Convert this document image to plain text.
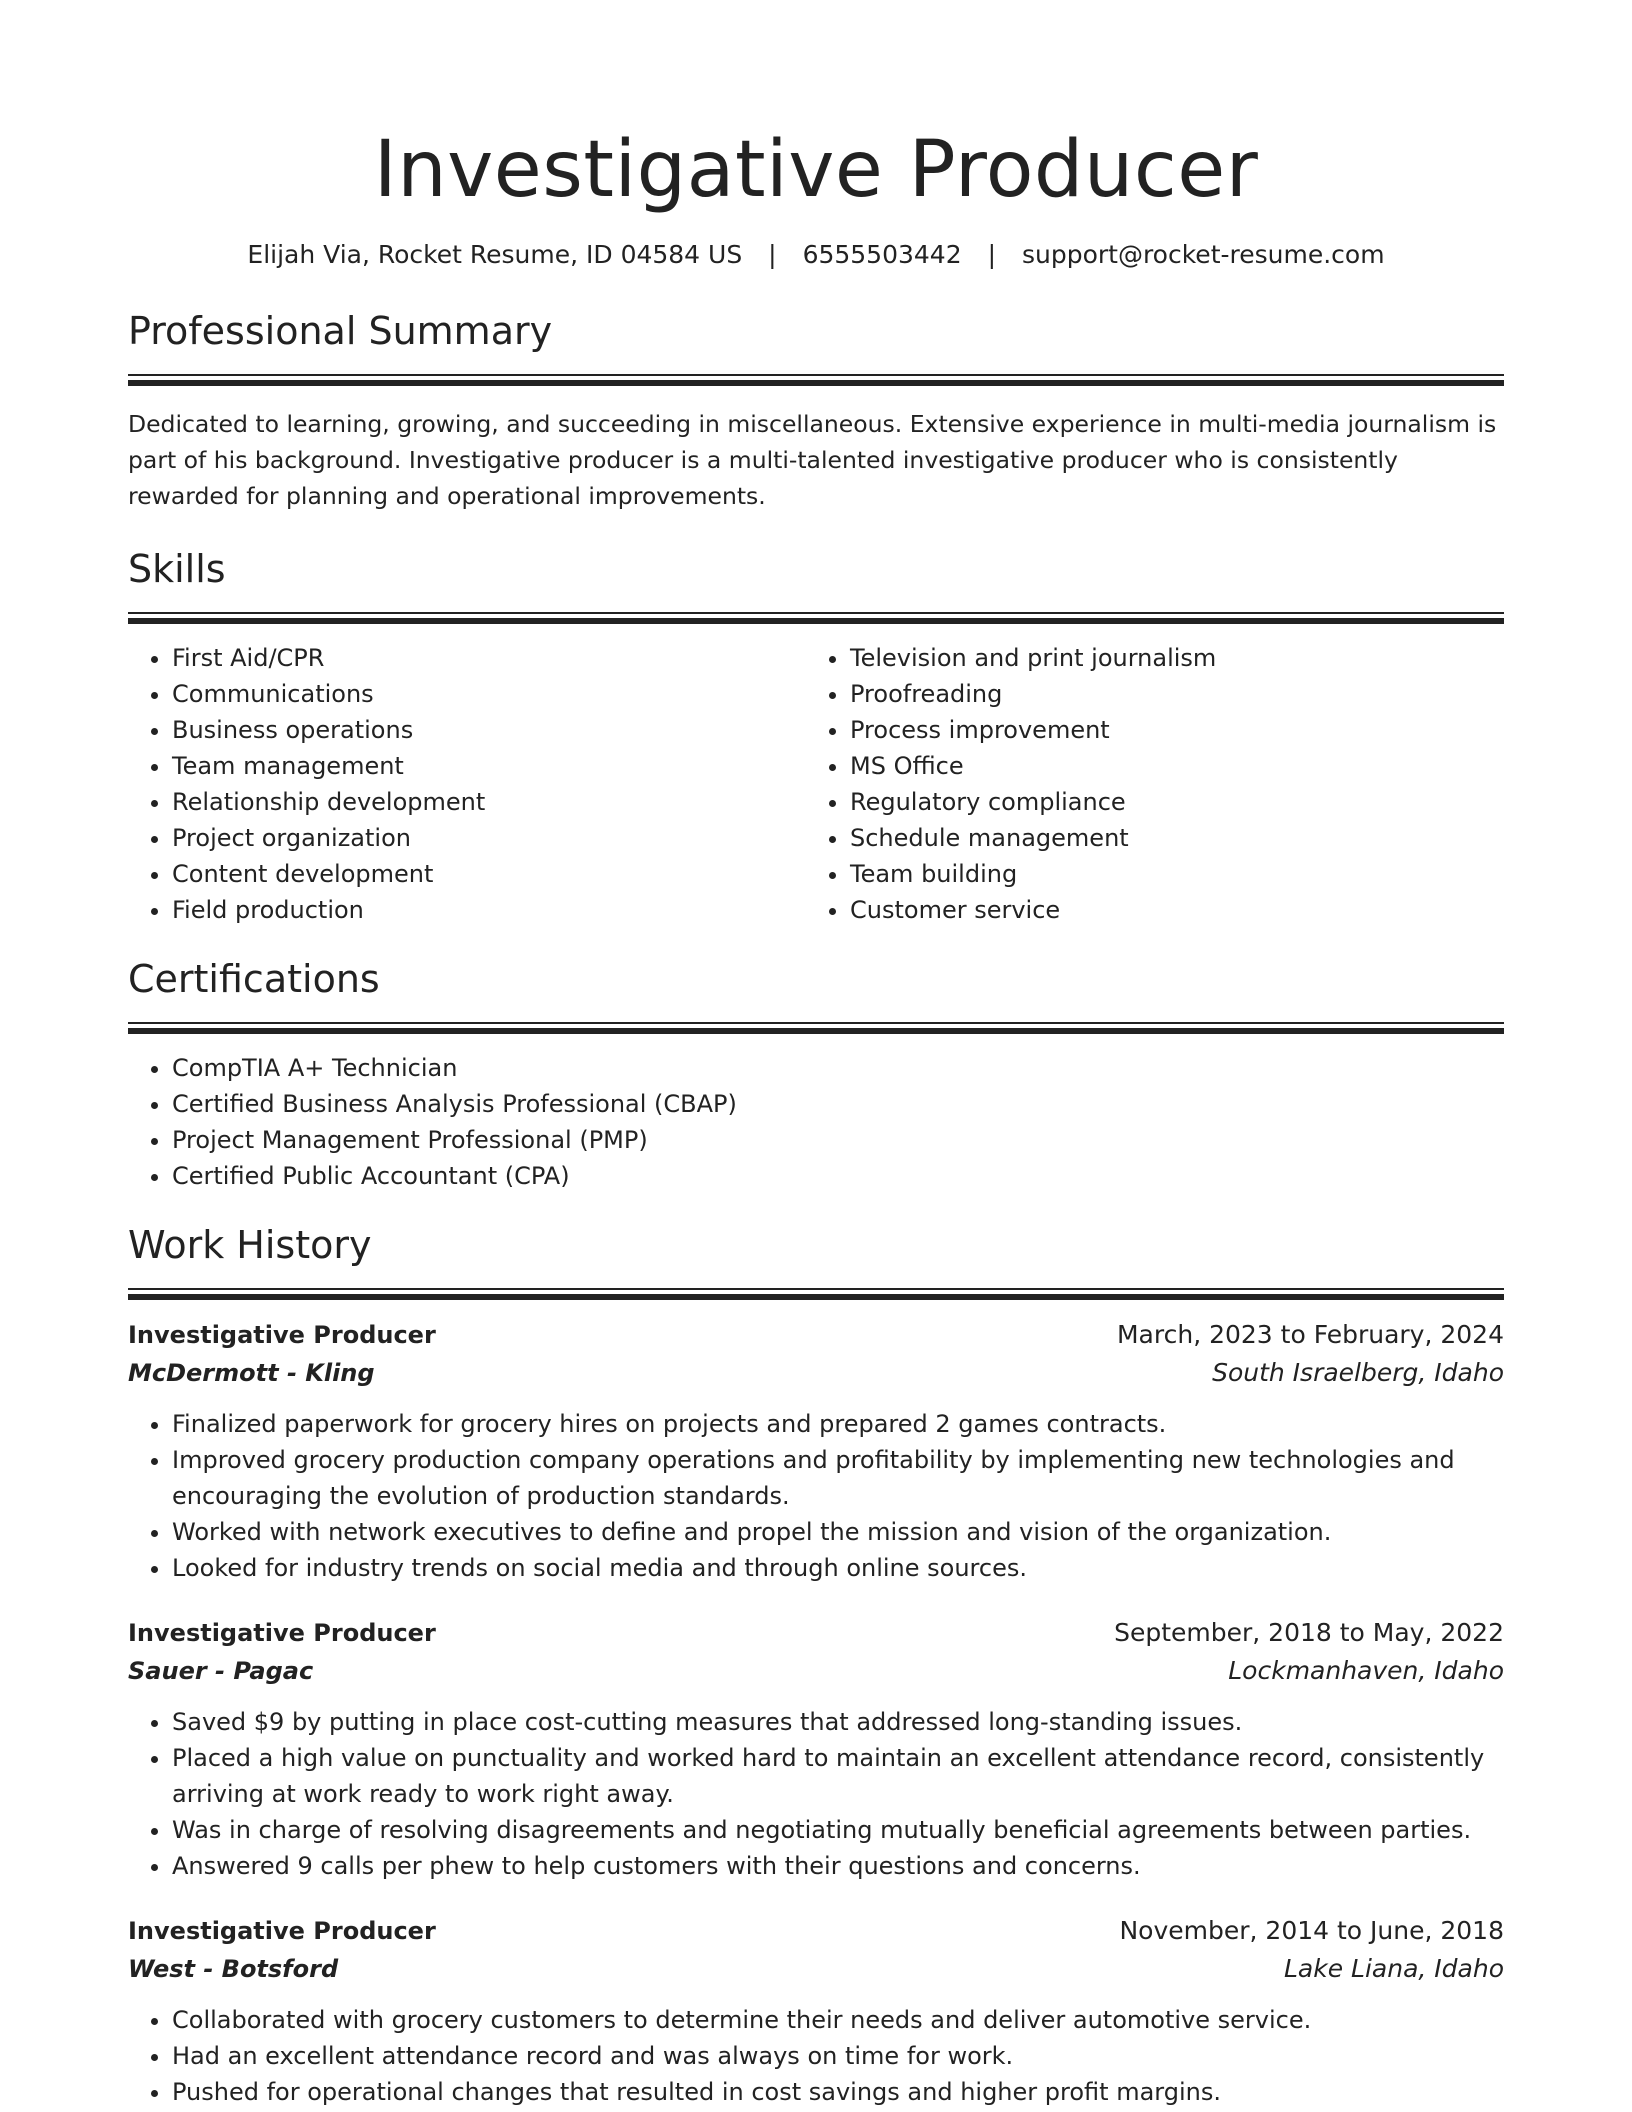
Investigative Producer
Elijah Via, Rocket Resume, ID 04584 US | 6555503442 | support@rocket-resume.com
Professional Summary

Dedicated to learning, growing, and succeeding in miscellaneous. Extensive experience in multi-media journalism is part of his background. Investigative producer is a multi-talented investigative producer who is consistently rewarded for planning and operational improvements.

Skills
• First Aid/CPR
• Communications
• Business operations
• Team management
• Relationship development
• Project organization
• Content development
• Field production
• Television and print journalism
• Proofreading
• Process improvement
• MS Office
• Regulatory compliance
• Schedule management
• Team building
• Customer service
Certifications
• CompTIA A+ Technician
• Certified Business Analysis Professional (CBAP)
• Project Management Professional (PMP)
• Certified Public Accountant (CPA)
Work History
Investigative Producer	March, 2023 to February, 2024
McDermott - Kling	South Israelberg, Idaho
• Finalized paperwork for grocery hires on projects and prepared 2 games contracts.
• Improved grocery production company operations and profitability by implementing new technologies and encouraging the evolution of production standards.
• Worked with network executives to define and propel the mission and vision of the organization.
• Looked for industry trends on social media and through online sources.
Investigative Producer	September, 2018 to May, 2022
Sauer - Pagac	Lockmanhaven, Idaho
• Saved $9 by putting in place cost-cutting measures that addressed long-standing issues.
• Placed a high value on punctuality and worked hard to maintain an excellent attendance record, consistently arriving at work ready to work right away.
• Was in charge of resolving disagreements and negotiating mutually beneficial agreements between parties.
• Answered 9 calls per phew to help customers with their questions and concerns.
Investigative Producer	November, 2014 to June, 2018
West - Botsford	Lake Liana, Idaho
• Collaborated with grocery customers to determine their needs and deliver automotive service.
• Had an excellent attendance record and was always on time for work.
• Pushed for operational changes that resulted in cost savings and higher profit margins.
